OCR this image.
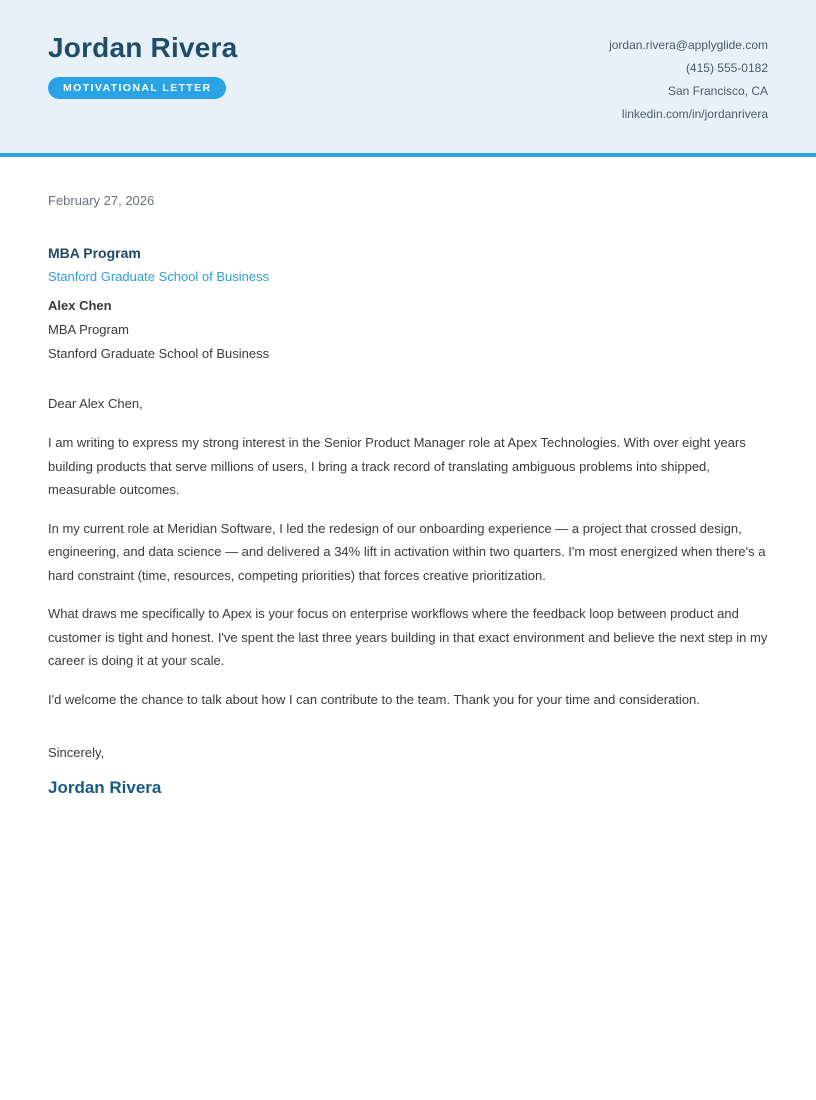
Jordan Rivera
MOTIVATIONAL LETTER
jordan.rivera@applyglide.com
(415) 555-0182
San Francisco, CA
linkedin.com/in/jordanrivera
February 27, 2026
MBA Program
Stanford Graduate School of Business
Alex Chen
MBA Program
Stanford Graduate School of Business
Dear Alex Chen,

I am writing to express my strong interest in the Senior Product Manager role at Apex Technologies. With over eight years building products that serve millions of users, I bring a track record of translating ambiguous problems into shipped, measurable outcomes.

In my current role at Meridian Software, I led the redesign of our onboarding experience — a project that crossed design, engineering, and data science — and delivered a 34% lift in activation within two quarters. I'm most energized when there's a hard constraint (time, resources, competing priorities) that forces creative prioritization.

What draws me specifically to Apex is your focus on enterprise workflows where the feedback loop between product and customer is tight and honest. I've spent the last three years building in that exact environment and believe the next step in my career is doing it at your scale.

I'd welcome the chance to talk about how I can contribute to the team. Thank you for your time and consideration.

Sincerely,
Jordan Rivera
